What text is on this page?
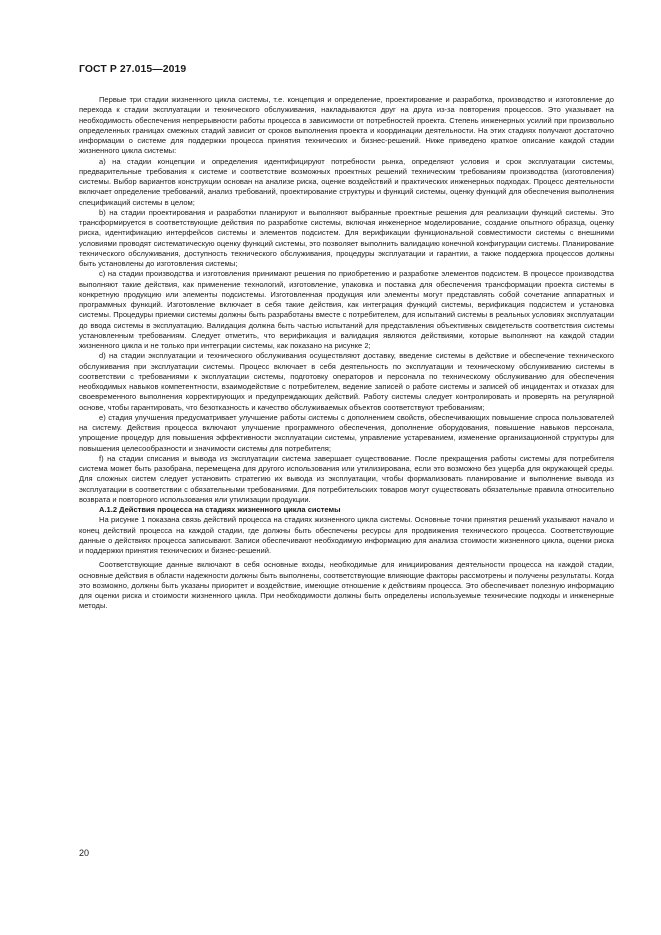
ГОСТ Р 27.015—2019

Первые три стадии жизненного цикла системы, т.е. концепция и определение, проектирование и разработка, производство и изготовление до перехода к стадии эксплуатации и технического обслуживания, накладываются друг на друга из-за повторения процессов. Это указывает на необходимость обеспечения непрерывности работы процесса в зависимости от потребностей проекта. Степень инженерных усилий при произвольно определенных границах смежных стадий зависит от сроков выполнения проекта и координации деятельности. На этих стадиях получают достаточно информации о системе для поддержки процесса принятия технических и бизнес-решений. Ниже приведено краткое описание каждой стадии жизненного цикла системы:

а) на стадии концепции и определения идентифицируют потребности рынка, определяют условия и срок эксплуатации системы, предварительные требования к системе и соответствие возможных проектных решений техническим требованиям производства (изготовления) системы. Выбор вариантов конструкции основан на анализе риска, оценке воздействий и практических инженерных подходах. Процесс деятельности включает определение требований, анализ требований, проектирование структуры и функций системы, оценку функций для обеспечения выполнения спецификаций системы в целом;

b) на стадии проектирования и разработки планируют и выполняют выбранные проектные решения для реализации функций системы. Это трансформируется в соответствующие действия по разработке системы, включая инженерное моделирование, создание опытного образца, оценку риска, идентификацию интерфейсов системы и элементов подсистем. Для верификации функциональной совместимости системы с внешними условиями проводят систематическую оценку функций системы, это позволяет выполнить валидацию конечной конфигурации системы. Планирование технического обслуживания, доступность технического обслуживания, процедуры эксплуатации и гарантии, а также поддержка процессов должны быть установлены до изготовления системы;

с) на стадии производства и изготовления принимают решения по приобретению и разработке элементов подсистем. В процессе производства выполняют такие действия, как применение технологий, изготовление, упаковка и поставка для обеспечения трансформации проекта системы в конкретную продукцию или элементы подсистемы. Изготовленная продукция или элементы могут представлять собой сочетание аппаратных и программных функций. Изготовление включает в себя такие действия, как интеграция функций системы, верификация подсистем и установка системы. Процедуры приемки системы должны быть разработаны вместе с потребителем, для испытаний системы в реальных условиях эксплуатации до ввода системы в эксплуатацию. Валидация должна быть частью испытаний для представления объективных свидетельств соответствия системы установленным требованиям. Следует отметить, что верификация и валидация являются действиями, которые выполняют на каждой стадии жизненного цикла и не только при интеграции системы, как показано на рисунке 2;

d) на стадии эксплуатации и технического обслуживания осуществляют доставку, введение системы в действие и обеспечение технического обслуживания при эксплуатации системы. Процесс включает в себя деятельность по эксплуатации и техническому обслуживанию системы в соответствии с требованиями к эксплуатации системы, подготовку операторов и персонала по техническому обслуживанию для обеспечения необходимых навыков компетентности, взаимодействие с потребителем, ведение записей о работе системы и записей об инцидентах и отказах для своевременного выполнения корректирующих и предупреждающих действий. Работу системы следует контролировать и проверять на регулярной основе, чтобы гарантировать, что безотказность и качество обслуживаемых объектов соответствуют требованиям;

е) стадия улучшения предусматривает улучшение работы системы с дополнением свойств, обеспечивающих повышение спроса пользователей на систему. Действия процесса включают улучшение программного обеспечения, дополнение оборудования, повышение навыков персонала, упрощение процедур для повышения эффективности эксплуатации системы, управление устареванием, изменение организационной структуры для повышения целесообразности и значимости системы для потребителя;

f) на стадии списания и вывода из эксплуатации система завершает существование. После прекращения работы системы для потребителя система может быть разобрана, перемещена для другого использования или утилизирована, если это возможно без ущерба для окружающей среды. Для сложных систем следует установить стратегию их вывода из эксплуатации, чтобы формализовать планирование и выполнение вывода из эксплуатации в соответствии с обязательными требованиями. Для потребительских товаров могут существовать обязательные правила относительно возврата и повторного использования или утилизации продукции.

А.1.2 Действия процесса на стадиях жизненного цикла системы

На рисунке 1 показана связь действий процесса на стадиях жизненного цикла системы. Основные точки принятия решений указывают начало и конец действий процесса на каждой стадии, где должны быть обеспечены ресурсы для продвижения технического процесса. Соответствующие данные о действиях процесса записывают. Записи обеспечивают необходимую информацию для анализа стоимости жизненного цикла, оценки риска и поддержки принятия технических и бизнес-решений.

Соответствующие данные включают в себя основные входы, необходимые для инициирования деятельности процесса на каждой стадии, основные действия в области надежности должны быть выполнены, соответствующие влияющие факторы рассмотрены и получены результаты. Когда это возможно, должны быть указаны приоритет и воздействие, имеющие отношение к действиям процесса. Это обеспечивает полезную информацию для оценки риска и стоимости жизненного цикла. При необходимости должны быть определены используемые технические подходы и инженерные методы.

20
